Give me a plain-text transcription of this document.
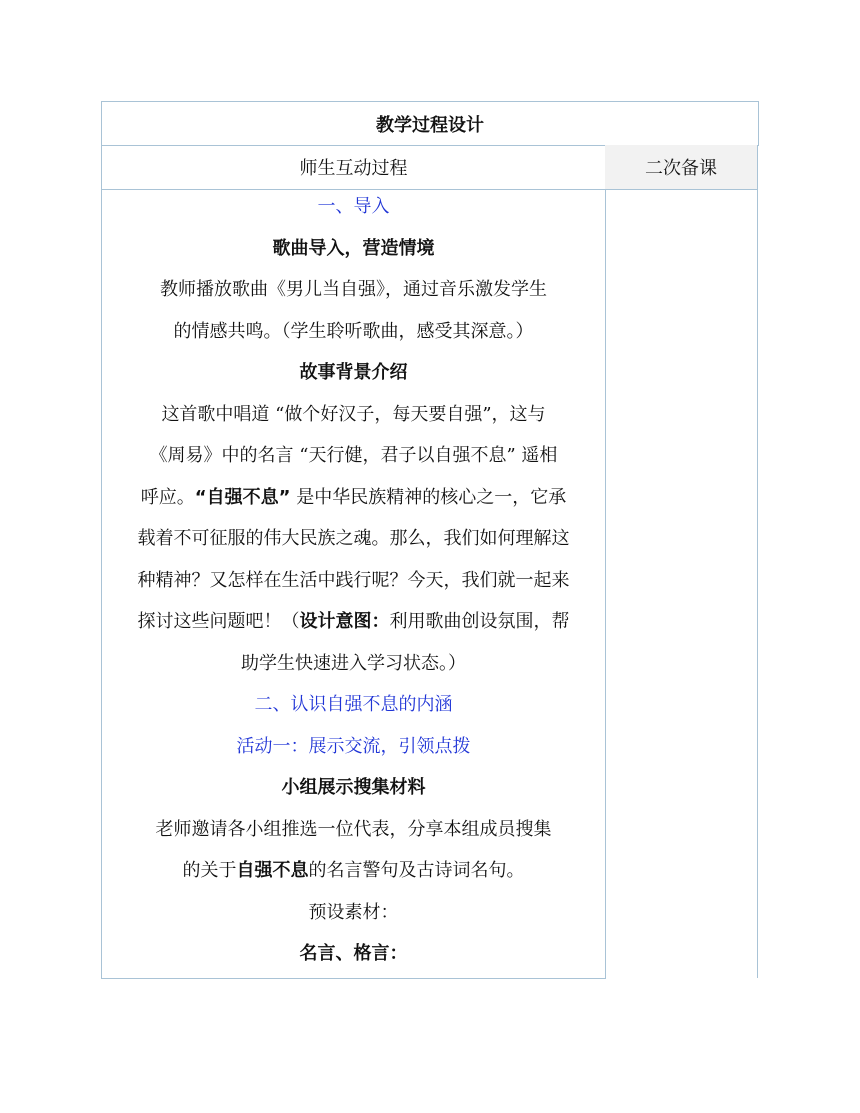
教学过程设计
师生互动过程	二次备课
一、导入
歌曲导入，营造情境
教师播放歌曲《男儿当自强》，通过音乐激发学生
的情感共鸣。（学生聆听歌曲，感受其深意。）
故事背景介绍
这首歌中唱道 “做个好汉子，每天要自强”，这与
《周易》中的名言 “天行健，君子以自强不息” 遥相
呼应。“自强不息” 是中华民族精神的核心之一，它承
载着不可征服的伟大民族之魂。那么，我们如何理解这
种精神？又怎样在生活中践行呢？今天，我们就一起来
探讨这些问题吧！（设计意图：利用歌曲创设氛围，帮
助学生快速进入学习状态。）
二、认识自强不息的内涵
活动一：展示交流，引领点拨
小组展示搜集材料
老师邀请各小组推选一位代表，分享本组成员搜集
的关于自强不息的名言警句及古诗词名句。
预设素材：
名言、格言：
